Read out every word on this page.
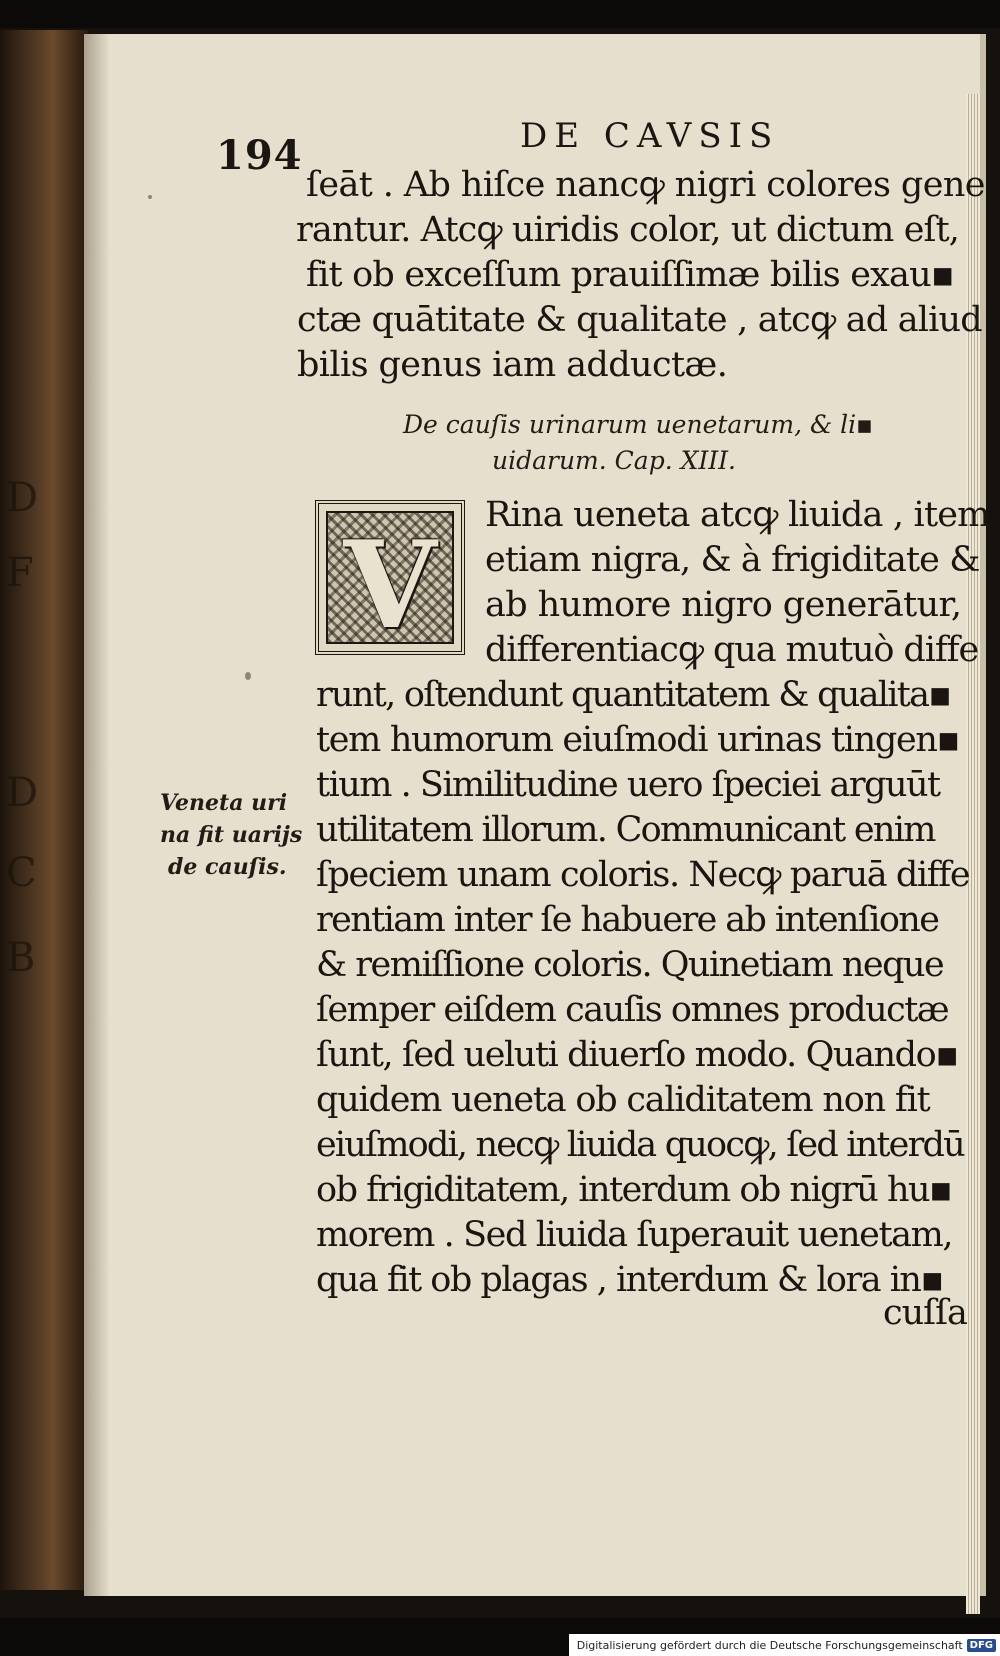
D
F
D
C
B
194	DE CAVSIS
ſeāt . Ab hiſce nancꝙ nigri colores gene
rantur. Atcꝙ uiridis color, ut dictum eſt,
fit ob exceſſum prauiſſimæ bilis exau▪
ctæ quātitate & qualitate , atcꝙ ad aliud
bilis genus iam adductæ.
De cauſis urinarum uenetarum, & li▪
uidarum. Cap. XIII.
V	Rina ueneta atcꝙ liuida , item
etiam nigra, & à frigiditate &
ab humore nigro generātur,
differentiacꝙ qua mutuò diffe
runt, oſtendunt quantitatem & qualita▪
tem humorum eiuſmodi urinas tingen▪
tium . Similitudine uero ſpeciei arguūt
utilitatem illorum. Communicant enim
ſpeciem unam coloris. Necꝙ paruā diffe
rentiam inter ſe habuere ab intenſione
& remiſſione coloris. Quinetiam neque
ſemper eiſdem cauſis omnes productæ
ſunt, ſed ueluti diuerſo modo. Quando▪
quidem ueneta ob caliditatem non fit
eiuſmodi, necꝙ liuida quocꝙ, ſed interdū
ob frigiditatem, interdum ob nigrū hu▪
morem . Sed liuida ſuperauit uenetam,
qua fit ob plagas , interdum & lora in▪
cuſſa
Veneta uri
na fit uarijs
de cauſis.
Digitalisierung gefördert durch die Deutsche Forschungsgemeinschaft DFG
